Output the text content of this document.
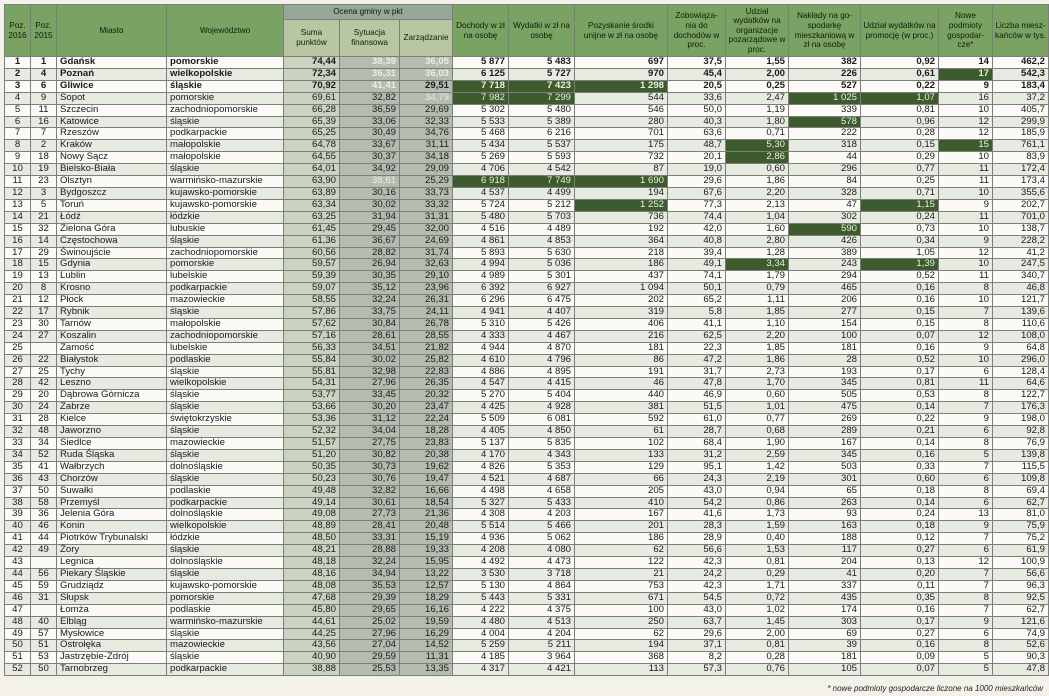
Poz. 2016	Poz. 2015	Miasto	Województwo	Ocena gminy w pkt			Dochody w zł na osobę	Wydatki w zł na osobę	Pozyskanie środki unijne w zł na osobę	Zobowiąza- nia do dochodów w proc.	Udział wydatków na organizacje pozarządowe w proc.	Nakłady na go- spodarkę mieszkaniową w zł na osobę	Udział wydatków na promocję (w proc.)	Nowe podmioty gospodar- cze*	Liczba miesz- kańców w tys.
				Suma punktów	Sytuacja finansowa	Zarządzanie									
1	1	Gdańsk	pomorskie	74,44	38,39	36,05	5 877	5 483	697	37,5	1,55	382	0,92	14	462,2
2	4	Poznań	wielkopolskie	72,34	36,31	36,03	6 125	5 727	970	45,4	2,00	226	0,61	17	542,3
3	6	Gliwice	śląskie	70,92	41,41	29,51	7 718	7 423	1 298	20,5	0,25	527	0,22	9	183,4
4	9	Sopot	pomorskie	69,61	32,82	34,79	7 982	7 299	544	33,6	2,47	1 025	1,07	16	37,2
5	11	Szczecin	zachodniopomorskie	66,28	36,59	29,69	5 302	5 480	546	50,0	1,19	339	0,81	10	405,7
6	16	Katowice	śląskie	65,39	33,06	32,33	5 533	5 389	280	40,3	1,80	578	0,96	12	299,9
7	7	Rzeszów	podkarpackie	65,25	30,49	34,76	5 468	6 216	701	63,6	0,71	222	0,28	12	185,9
8	2	Kraków	małopolskie	64,78	33,67	31,11	5 434	5 537	175	48,7	5,30	318	0,15	15	761,1
9	18	Nowy Sącz	małopolskie	64,55	30,37	34,18	5 269	5 593	732	20,1	2,86	44	0,29	10	83,9
10	19	Bielsko-Biała	śląskie	64,01	34,92	29,09	4 706	4 542	87	19,0	0,60	296	0,77	11	172,4
11	23	Olsztyn	warmińsko-mazurskie	63,90	38,61	25,29	6 918	7 749	1 690	29,6	1,86	84	0,25	11	173,4
12	3	Bydgoszcz	kujawsko-pomorskie	63,89	30,16	33,73	4 537	4 499	194	67,6	2,20	328	0,71	10	355,6
13	5	Toruń	kujawsko-pomorskie	63,34	30,02	33,32	5 724	5 212	1 252	77,3	2,13	47	1,15	9	202,7
14	21	Łódź	łódzkie	63,25	31,94	31,31	5 480	5 703	736	74,4	1,04	302	0,24	11	701,0
15	32	Zielona Góra	lubuskie	61,45	29,45	32,00	4 516	4 489	192	42,0	1,60	590	0,73	10	138,7
16	14	Częstochowa	śląskie	61,36	36,67	24,69	4 861	4 853	364	40,8	2,80	426	0,34	9	228,2
17	29	Świnoujście	zachodniopomorskie	60,56	28,82	31,74	5 893	5 630	218	39,4	1,28	389	1,05	12	41,2
18	15	Gdynia	pomorskie	59,57	26,94	32,63	4 994	5 036	186	49,1	3,34	243	1,39	10	247,5
19	13	Lublin	lubelskie	59,39	30,35	29,10	4 989	5 301	437	74,1	1,79	294	0,52	11	340,7
20	8	Krosno	podkarpackie	59,07	35,12	23,96	6 392	6 927	1 094	50,1	0,79	465	0,16	8	46,8
21	12	Płock	mazowieckie	58,55	32,24	26,31	6 296	6 475	202	65,2	1,11	206	0,16	10	121,7
22	17	Rybnik	śląskie	57,86	33,75	24,11	4 941	4 407	319	5,8	1,85	277	0,15	7	139,6
23	30	Tarnów	małopolskie	57,62	30,84	26,78	5 310	5 426	406	41,1	1,10	154	0,15	8	110,6
24	27	Koszalin	zachodniopomorskie	57,16	28,61	28,55	4 333	4 467	216	62,5	2,20	100	0,07	12	108,0
25		Zamość	lubelskie	56,33	34,51	21,82	4 944	4 870	181	22,3	1,85	181	0,16	9	64,8
26	22	Białystok	podlaskie	55,84	30,02	25,82	4 610	4 796	86	47,2	1,86	28	0,52	10	296,0
27	25	Tychy	śląskie	55,81	32,98	22,83	4 886	4 895	191	31,7	2,73	193	0,17	6	128,4
28	42	Leszno	wielkopolskie	54,31	27,96	26,35	4 547	4 415	46	47,8	1,70	345	0,81	11	64,6
29	20	Dąbrowa Górnicza	śląskie	53,77	33,45	20,32	5 270	5 404	440	46,9	0,60	505	0,53	8	122,7
30	24	Zabrze	śląskie	53,66	30,20	23,47	4 425	4 928	381	51,5	1,01	475	0,14	7	176,3
31	28	Kielce	świętokrzyskie	53,36	31,12	22,24	5 509	6 081	592	61,0	0,77	269	0,22	9	198,0
32	48	Jaworzno	śląskie	52,32	34,04	18,28	4 405	4 850	61	28,7	0,68	289	0,21	6	92,8
33	34	Siedlce	mazowieckie	51,57	27,75	23,83	5 137	5 835	102	68,4	1,90	167	0,14	8	76,9
34	52	Ruda Śląska	śląskie	51,20	30,82	20,38	4 170	4 343	133	31,2	2,59	345	0,16	5	139,8
35	41	Wałbrzych	dolnośląskie	50,35	30,73	19,62	4 826	5 353	129	95,1	1,42	503	0,33	7	115,5
36	43	Chorzów	śląskie	50,23	30,76	19,47	4 521	4 687	66	24,3	2,19	301	0,60	6	109,8
37	50	Suwałki	podlaskie	49,48	32,82	16,66	4 498	4 658	205	43,0	0,94	65	0,18	8	69,4
38	58	Przemyśl	podkarpackie	49,14	30,61	18,54	5 327	5 433	410	54,2	0,86	263	0,14	6	62,7
39	36	Jelenia Góra	dolnośląskie	49,08	27,73	21,36	4 308	4 203	167	41,6	1,73	93	0,24	13	81,0
40	46	Konin	wielkopolskie	48,89	28,41	20,48	5 514	5 466	201	28,3	1,59	163	0,18	9	75,9
41	44	Piotrków Trybunalski	łódzkie	48,50	33,31	15,19	4 936	5 062	186	28,9	0,40	188	0,12	7	75,2
42	49	Żory	śląskie	48,21	28,88	19,33	4 208	4 080	62	56,6	1,53	117	0,27	6	61,9
43		Legnica	dolnośląskie	48,18	32,24	15,95	4 492	4 473	122	42,3	0,81	204	0,13	12	100,9
44	56	Piekary Śląskie	śląskie	48,16	34,94	13,22	3 530	3 718	21	24,2	0,29	41	0,20	7	56,6
45	59	Grudziądz	kujawsko-pomorskie	48,08	35,53	12,57	5 130	4 864	753	42,3	1,71	337	0,11	7	96,3
46	31	Słupsk	pomorskie	47,68	29,39	18,29	5 443	5 331	671	54,5	0,72	435	0,35	8	92,5
47		Łomża	podlaskie	45,80	29,65	16,16	4 222	4 375	100	43,0	1,02	174	0,16	7	62,7
48	40	Elbląg	warmińsko-mazurskie	44,61	25,02	19,59	4 480	4 513	250	63,7	1,45	303	0,17	9	121,6
49	57	Mysłowice	śląskie	44,25	27,96	16,29	4 004	4 204	62	29,6	2,00	69	0,27	6	74,9
50	51	Ostrołęka	mazowieckie	43,56	27,04	14,52	5 259	5 211	194	37,1	0,81	39	0,16	8	52,6
51	53	Jastrzębie-Zdrój	śląskie	40,90	29,59	11,31	4 185	3 964	368	8,2	0,28	181	0,09	5	90,3
52	50	Tarnobrzeg	podkarpackie	38,88	25,53	13,35	4 317	4 421	113	57,3	0,76	105	0,07	5	47,8
* nowe podmioty gospodarcze liczone na 1000 mieszkańców
